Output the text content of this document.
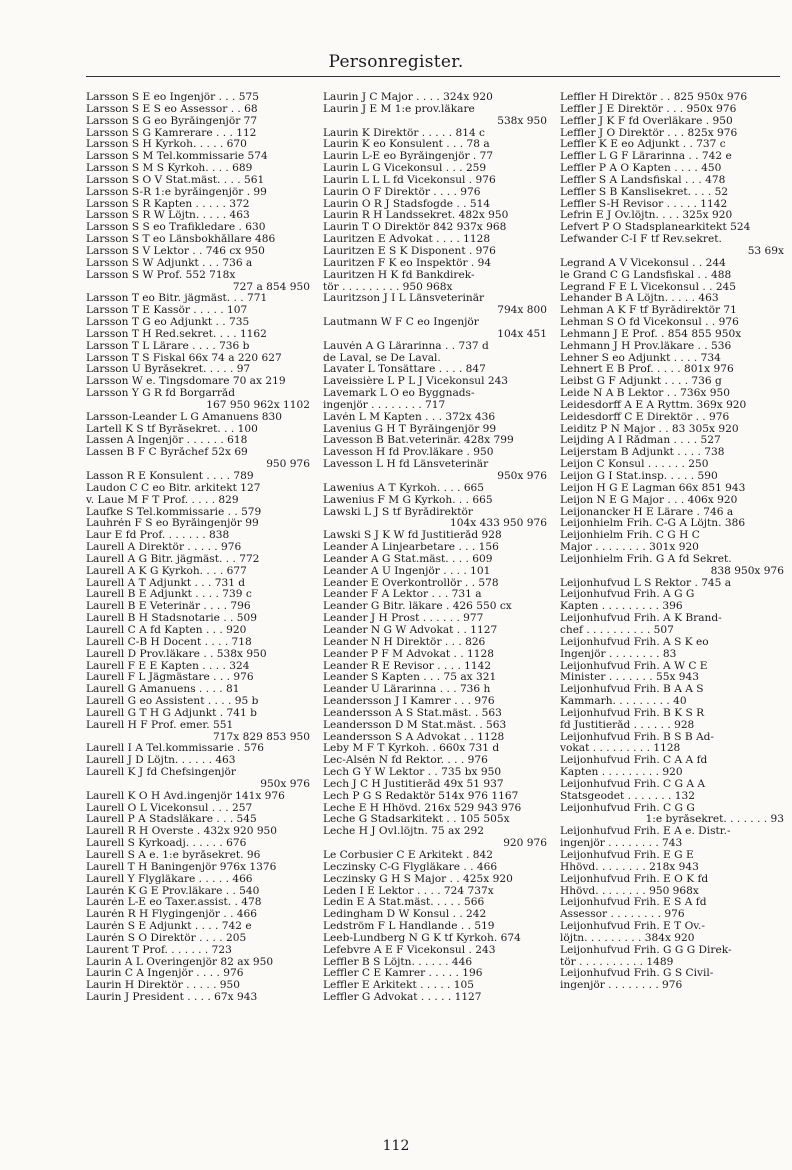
Personregister.
Larsson S E eo Ingenjör . . . 575
Larsson S E S eo Assessor . . 68
Larsson S G eo Byråingenjör 77
Larsson S G Kamrerare . . . 112
Larsson S H Kyrkoh. . . . . 670
Larsson S M Tel.kommissarie 574
Larsson S M S Kyrkoh. . . . 689
Larsson S O V Stat.mäst. . . . 561
Larsson S-R 1:e byråingenjör . 99
Larsson S R Kapten . . . . . 372
Larsson S R W Löjtn. . . . . 463
Larsson S S eo Trafikledare . 630
Larsson S T eo Länsbokhållare 486
Larsson S V Lektor . . 746 cx 950
Larsson S W Adjunkt . . . 736 a
Larsson S W Prof. 552 718x
727 a 854 950
Larsson T eo Bitr. jägmäst. . . 771
Larsson T E Kassör . . . . . 107
Larsson T G eo Adjunkt . . 735
Larsson T H Red.sekret. . . . 1162
Larsson T L Lärare . . . . 736 b
Larsson T S Fiskal 66x 74 a 220 627
Larsson U Byråsekret. . . . . 97
Larsson W e. Tingsdomare 70 ax 219
Larsson Y G R fd Borgarråd
167 950 962x 1102
Larsson-Leander L G Amanuens 830
Lartell K S tf Byråsekret. . . 100
Lassen A Ingenjör . . . . . . 618
Lassen B F C Byråchef 52x 69
950 976
Lasson R E Konsulent . . . . 789
Laudon C C eo Bitr. arkitekt 127
v. Laue M F T Prof. . . . . 829
Laufke S Tel.kommissarie . . 579
Lauhrén F S eo Byråingenjör 99
Laur E fd Prof. . . . . . . 838
Laurell A Direktör . . . . . 976
Laurell A G Bitr. jägmäst. . . 772
Laurell A K G Kyrkoh. . . . 677
Laurell A T Adjunkt . . . 731 d
Laurell B E Adjunkt . . . . 739 c
Laurell B E Veterinär . . . . 796
Laurell B H Stadsnotarie . . 509
Laurell C A fd Kapten . . . 920
Laurell C-B H Docent . . . . 718
Laurell D Prov.läkare . . 538x 950
Laurell F E E Kapten . . . . 324
Laurell F L Jägmästare . . . 976
Laurell G Amanuens . . . . 81
Laurell G eo Assistent . . . . 95 b
Laurell G T H G Adjunkt . 741 b
Laurell H F Prof. emer. 551
717x 829 853 950
Laurell I A Tel.kommissarie . 576
Laurell J D Löjtn. . . . . . 463
Laurell K J fd Chefsingenjör
950x 976
Laurell K O H Avd.ingenjör 141x 976
Laurell O L Vicekonsul . . . 257
Laurell P A Stadsläkare . . . 545
Laurell R H Överste . 432x 920 950
Laurell S Kyrkoadj. . . . . . 676
Laurell S A e. 1:e byråsekret. 96
Laurell T H Baningenjör 976x 1376
Laurell Y Flygläkare . . . . . 466
Laurén K G E Prov.läkare . . 540
Laurén L-E eo Taxer.assist. . 478
Laurén R H Flygingenjör . . 466
Laurén S E Adjunkt . . . . 742 e
Laurén S O Direktör . . . . 205
Laurent T Prof. . . . . . . 723
Laurin A L Överingenjör 82 ax 950
Laurin C A Ingenjör . . . . 976
Laurin H Direktör . . . . . 950
Laurin J President . . . . 67x 943
Laurin J C Major . . . . 324x 920
Laurin J E M 1:e prov.läkare
538x 950
Laurin K Direktör . . . . . 814 c
Laurin K eo Konsulent . . . 78 a
Laurin L-E eo Byråingenjör . 77
Laurin L G Vicekonsul . . . 259
Laurin L L L fd Vicekonsul . 976
Laurin O F Direktör . . . . 976
Laurin O R J Stadsfogde . . 514
Laurin R H Landssekret. 482x 950
Laurin T O Direktör 842 937x 968
Lauritzen E Advokat . . . . 1128
Lauritzen E S K Disponent . 976
Lauritzen F K eo Inspektör . 94
Lauritzen H K fd Bankdirek-
tör . . . . . . . . . 950 968x
Lauritzson J I L Länsveterinär
794x 800
Lautmann W F C eo Ingenjör
104x 451
Lauvén A G Lärarinna . . 737 d
de Laval, se De Laval.
Lavater L Tonsättare . . . . 847
Laveissière L P L J Vicekonsul 243
Lavemark L O eo Byggnads-
ingenjör . . . . . . . . 717
Lavén L M Kapten . . . 372x 436
Lavenius G H T Byråingenjör 99
Lavesson B Bat.veterinär. 428x 799
Lavesson H fd Prov.läkare . 950
Lavesson L H fd Länsveterinär
950x 976
Lawenius A T Kyrkoh. . . . 665
Lawenius F M G Kyrkoh. . . 665
Lawski L J S tf Byrådirektör
104x 433 950 976
Lawski S J K W fd Justitieråd 928
Leander A Linjearbetare . . . 156
Leander A G Stat.mäst. . . . 609
Leander A U Ingenjör . . . . 101
Leander E Överkontrollör . . 578
Leander F A Lektor . . . 731 a
Leander G Bitr. läkare . 426 550 cx
Leander J H Prost . . . . . . 977
Leander N G W Advokat . . 1127
Leander N H Direktör . . . 826
Leander P F M Advokat . . 1128
Leander R E Revisor . . . . 1142
Leander S Kapten . . . 75 ax 321
Leander U Lärarinna . . . 736 h
Leandersson J I Kamrer . . . 976
Leandersson A S Stat.mäst. . 563
Leandersson D M Stat.mäst. . 563
Leandersson S A Advokat . . 1128
Leby M F T Kyrkoh. . 660x 731 d
Lec-Alsén N fd Rektor. . . . 976
Lech G Y W Lektor . . 735 bx 950
Lech J C H Justitieråd 49x 51 937
Lech P G S Redaktör 514x 976 1167
Leche E H Hhövd. 216x 529 943 976
Leche G Stadsarkitekt . . 105 505x
Leche H J Övl.löjtn. 75 ax 292
920 976
Le Corbusier C E Arkitekt . 842
Leczinsky C-G Flygläkare . . 466
Leczinsky G H S Major . . 425x 920
Leden I E Lektor . . . . 724 737x
Ledin E A Stat.mäst. . . . . 566
Ledingham D W Konsul . . 242
Ledström F L Handlande . . 519
Leeb-Lundberg N G K tf Kyrkoh. 674
Lefebvre A E F Vicekonsul . 243
Leffler B S Löjtn. . . . . . 446
Leffler C E Kamrer . . . . . 196
Leffler E Arkitekt . . . . . 105
Leffler G Advokat . . . . . 1127
Leffler H Direktör . . 825 950x 976
Leffler J E Direktör . . . 950x 976
Leffler J K F fd Överläkare . 950
Leffler J O Direktör . . . 825x 976
Leffler K E eo Adjunkt . . 737 c
Leffler L G F Lärarinna . . 742 e
Leffler P A O Kapten . . . . 450
Leffler S A Landsfiskal . . . 478
Leffler S B Kanslisekret. . . . 52
Leffler S-H Revisor . . . . . 1142
Lefrin E J Öv.löjtn. . . . 325x 920
Lefvert P O Stadsplanearkitekt 524
Lefwander C-I F tf Rev.sekret.
53 69x
Legrand A V Vicekonsul . . 244
le Grand C G Landsfiskal . . 488
Legrand F E L Vicekonsul . . 245
Lehander B A Löjtn. . . . . 463
Lehman A K F tf Byrådirektör 71
Lehman S O fd Vicekonsul . . 976
Lehmann J E Prof. . 854 855 950x
Lehmann J H Prov.läkare . . 536
Lehner S eo Adjunkt . . . . 734
Lehnert E B Prof. . . . . 801x 976
Leibst G F Adjunkt . . . . 736 g
Leide N A B Lektor . . 736x 950
Leidesdorff A E A Ryttm. 369x 920
Leidesdorff C E Direktör . . 976
Leiditz P N Major . . 83 305x 920
Leijding A I Rådman . . . . 527
Leijerstam B Adjunkt . . . . 738
Leijon C Konsul . . . . . . 250
Leijon G I Stat.insp. . . . . 590
Leijon H G E Lagman 66x 851 943
Leijon N E G Major . . . 406x 920
Leijonancker H E Lärare . 746 a
Leijonhielm Frih. C-G A Löjtn. 386
Leijonhielm Frih. C G H C
Major . . . . . . . . 301x 920
Leijonhielm Frih. G A fd Sekret.
838 950x 976
Leijonhufvud L S Rektor . 745 a
Leijonhufvud Frih. A G G
Kapten . . . . . . . . . 396
Leijonhufvud Frih. A K Brand-
chef . . . . . . . . . . 507
Leijonhufvud Frih. A S K eo
Ingenjör . . . . . . . . 83
Leijonhufvud Frih. A W C E
Minister . . . . . . . 55x 943
Leijonhufvud Frih. B A A S
Kammarh. . . . . . . . . 40
Leijonhufvud Frih. B K S R
fd Justitieråd . . . . . . 928
Leijonhufvud Frih. B S B Ad-
vokat . . . . . . . . . 1128
Leijonhufvud Frih. C A A fd
Kapten . . . . . . . . . 920
Leijonhufvud Frih. C G A A
Statsgeodet . . . . . . . 132
Leijonhufvud Frih. C G G
1:e byråsekret. . . . . . . 93
Leijonhufvud Frih. E A e. Distr.-
ingenjör . . . . . . . . 743
Leijonhufvud Frih. E G E
Hhövd. . . . . . . . 218x 943
Leijonhufvud Frih. E O K fd
Hhövd. . . . . . . . 950 968x
Leijonhufvud Frih. E S A fd
Assessor . . . . . . . . 976
Leijonhufvud Frih. E T Öv.-
löjtn. . . . . . . . . 384x 920
Leijonhufvud Frih. G G G Direk-
tör . . . . . . . . . . 1489
Leijonhufvud Frih. G S Civil-
ingenjör . . . . . . . . 976
112
